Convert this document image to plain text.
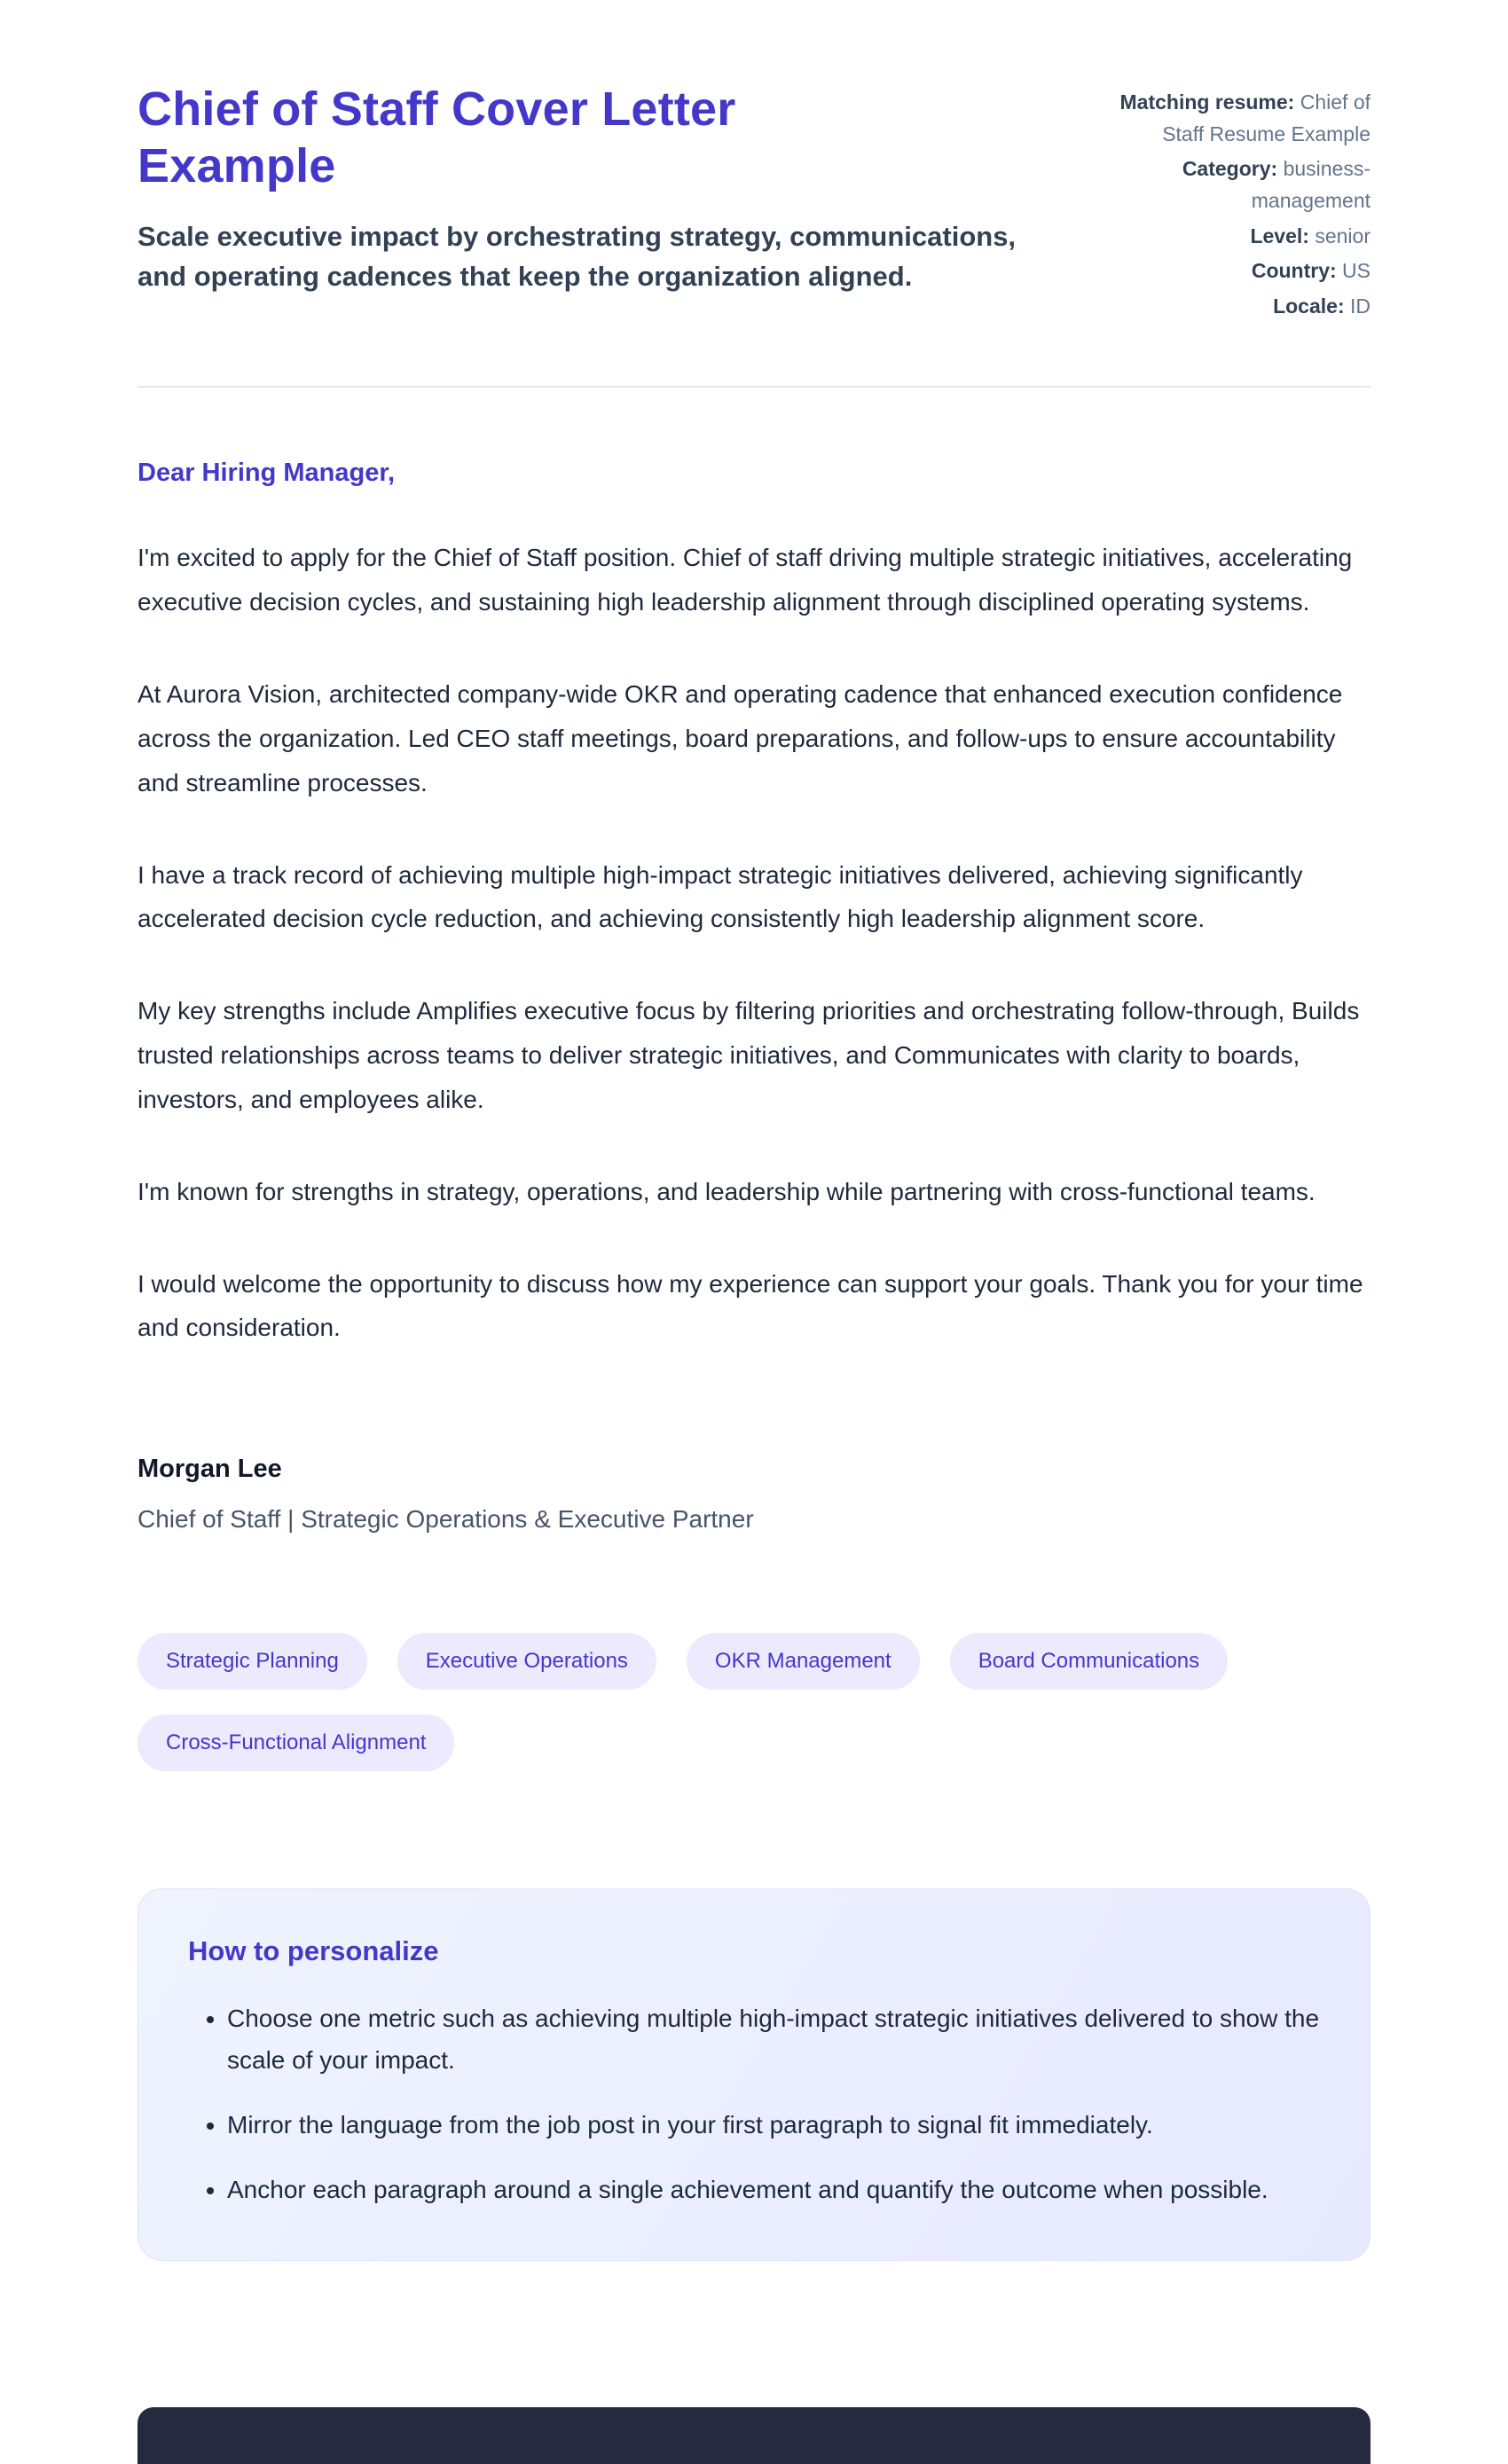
Chief of Staff Cover Letter Example
Scale executive impact by orchestrating strategy, communications, and operating cadences that keep the organization aligned.
Matching resume: Chief of Staff Resume Example
Category: business-management
Level: senior
Country: US
Locale: ID
Dear Hiring Manager,

I'm excited to apply for the Chief of Staff position. Chief of staff driving multiple strategic initiatives, accelerating executive decision cycles, and sustaining high leadership alignment through disciplined operating systems.

At Aurora Vision, architected company-wide OKR and operating cadence that enhanced execution confidence across the organization. Led CEO staff meetings, board preparations, and follow-ups to ensure accountability and streamline processes.

I have a track record of achieving multiple high-impact strategic initiatives delivered, achieving significantly accelerated decision cycle reduction, and achieving consistently high leadership alignment score.

My key strengths include Amplifies executive focus by filtering priorities and orchestrating follow-through, Builds trusted relationships across teams to deliver strategic initiatives, and Communicates with clarity to boards, investors, and employees alike.

I'm known for strengths in strategy, operations, and leadership while partnering with cross-functional teams.

I would welcome the opportunity to discuss how my experience can support your goals. Thank you for your time and consideration.

Morgan Lee
Chief of Staff | Strategic Operations & Executive Partner
Strategic Planning	Executive Operations	OKR Management	Board Communications
Cross-Functional Alignment
How to personalize
• Choose one metric such as achieving multiple high-impact strategic initiatives delivered to show the scale of your impact.
• Mirror the language from the job post in your first paragraph to signal fit immediately.
• Anchor each paragraph around a single achievement and quantify the outcome when possible.
